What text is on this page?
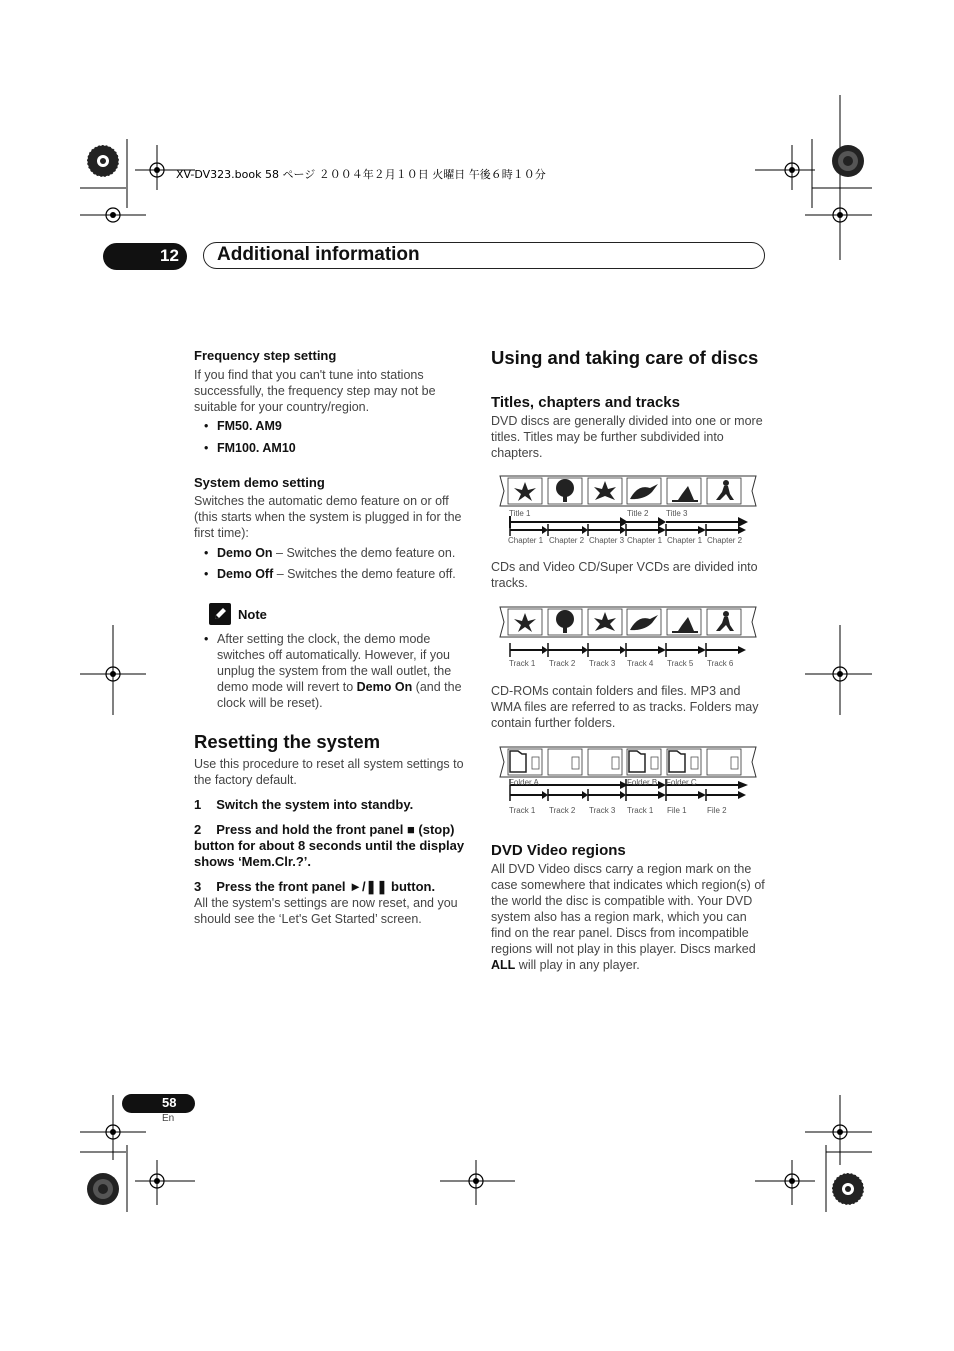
XV-DV323.book 58 ページ ２００４年２月１０日 火曜日 午後６時１０分
12 Additional information
Frequency step setting
If you find that you can't tune into stations successfully, the frequency step may not be suitable for your country/region.
• FM50. AM9
• FM100. AM10
System demo setting
Switches the automatic demo feature on or off (this starts when the system is plugged in for the first time):
• Demo On – Switches the demo feature on.
• Demo Off – Switches the demo feature off.
Note
• After setting the clock, the demo mode switches off automatically. However, if you unplug the system from the wall outlet, the demo mode will revert to Demo On (and the clock will be reset).
Resetting the system
Use this procedure to reset all system settings to the factory default.
1 Switch the system into standby.
2 Press and hold the front panel ■ (stop) button for about 8 seconds until the display shows ‘Mem.Clr.?’.
3 Press the front panel ►/❚❚ button.
All the system's settings are now reset, and you should see the ‘Let's Get Started’ screen.
Using and taking care of discs
Titles, chapters and tracks
DVD discs are generally divided into one or more titles. Titles may be further subdivided into chapters.
Title 1	Title 2 Title 3
Chapter 1 Chapter 2 Chapter 3 Chapter 1 Chapter 1 Chapter 2
CDs and Video CD/Super VCDs are divided into tracks.
Track 1 Track 2 Track 3 Track 4 Track 5 Track 6
CD-ROMs contain folders and files. MP3 and WMA files are referred to as tracks. Folders may contain further folders.
Folder A	Folder B Folder C
Track 1 Track 2 Track 3 Track 1 File 1	File 2
DVD Video regions
All DVD Video discs carry a region mark on the case somewhere that indicates which region(s) of the world the disc is compatible with. Your DVD system also has a region mark, which you can find on the rear panel. Discs from incompatible regions will not play in this player. Discs marked ALL will play in any player.
58
En
